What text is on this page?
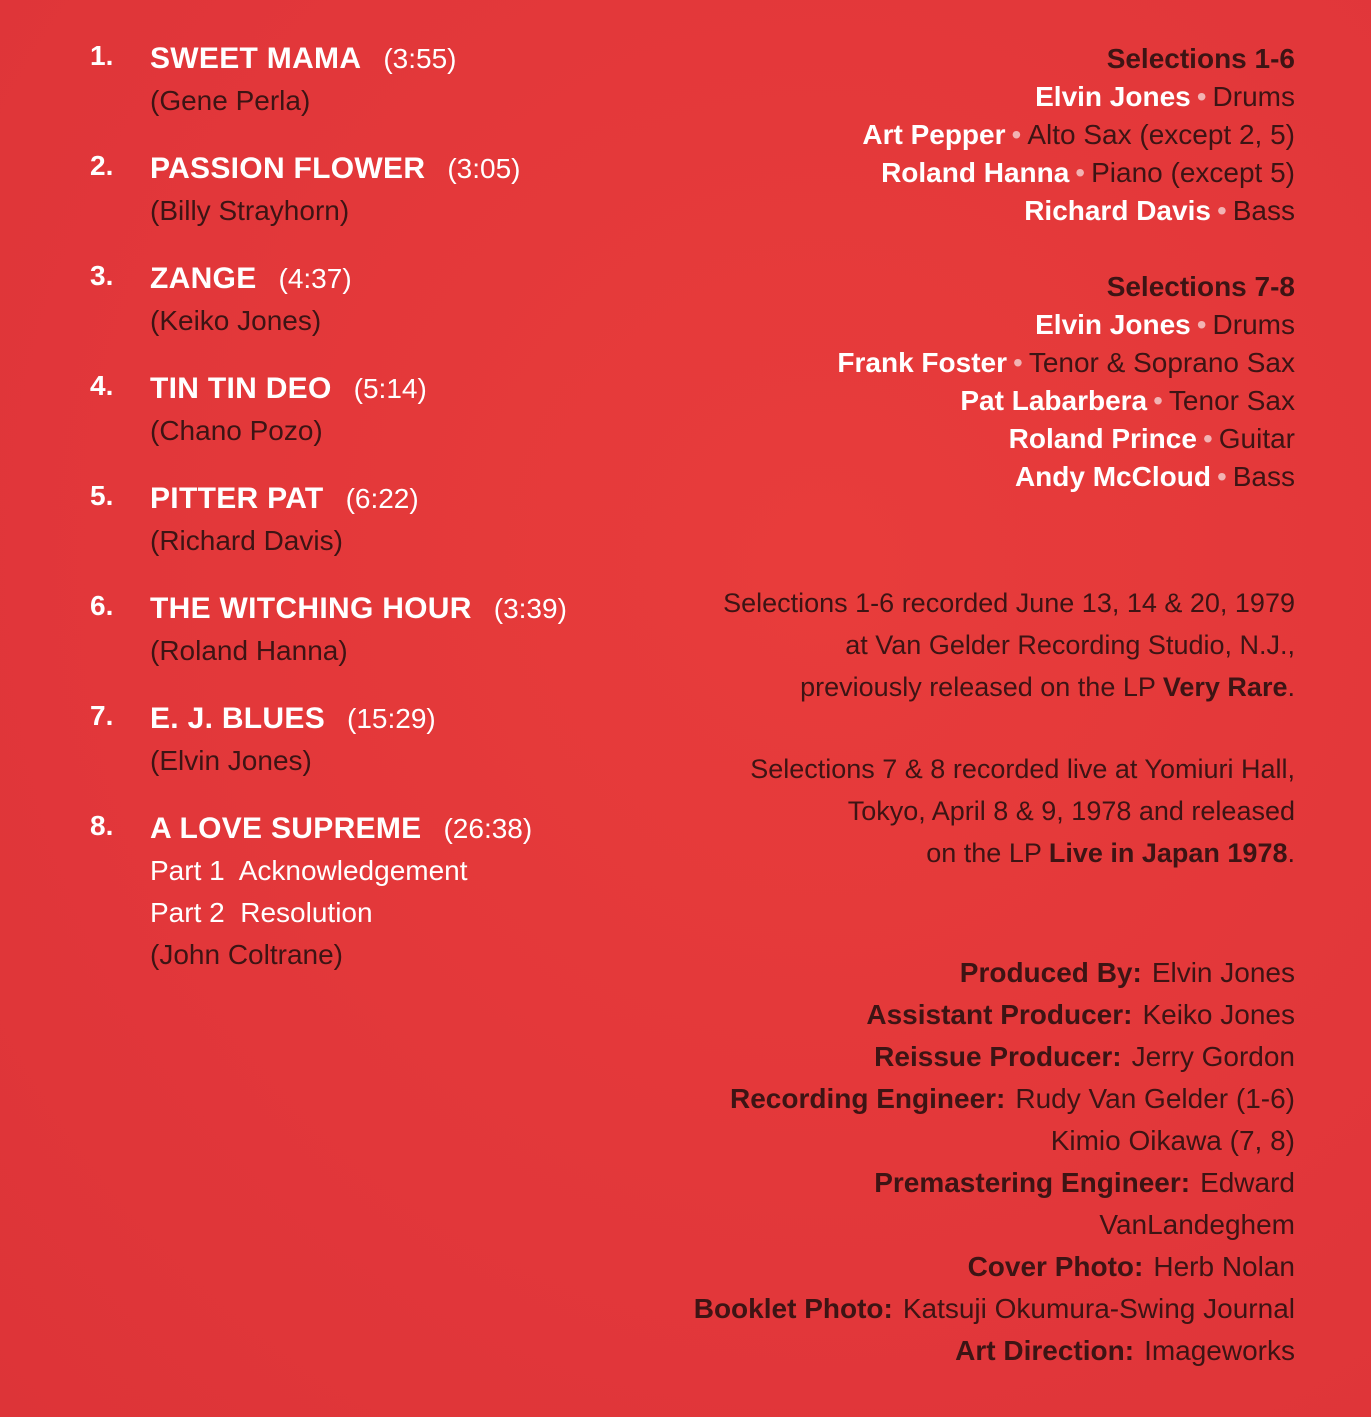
1. SWEET MAMA (3:55)
(Gene Perla)
2. PASSION FLOWER (3:05)
(Billy Strayhorn)
3. ZANGE (4:37)
(Keiko Jones)
4. TIN TIN DEO (5:14)
(Chano Pozo)
5. PITTER PAT (6:22)
(Richard Davis)
6. THE WITCHING HOUR (3:39)
(Roland Hanna)
7. E. J. BLUES (15:29)
(Elvin Jones)
8. A LOVE SUPREME (26:38)
Part 1  Acknowledgement
Part 2  Resolution
(John Coltrane)
Selections 1-6
Elvin Jones • Drums
Art Pepper • Alto Sax (except 2, 5)
Roland Hanna • Piano (except 5)
Richard Davis • Bass
Selections 7-8
Elvin Jones • Drums
Frank Foster • Tenor & Soprano Sax
Pat Labarbera • Tenor Sax
Roland Prince • Guitar
Andy McCloud • Bass
Selections 1-6 recorded June 13, 14 & 20, 1979
at Van Gelder Recording Studio, N.J.,
previously released on the LP Very Rare.
Selections 7 & 8 recorded live at Yomiuri Hall,
Tokyo, April 8 & 9, 1978 and released
on the LP Live in Japan 1978.
Produced By: Elvin Jones
Assistant Producer: Keiko Jones
Reissue Producer: Jerry Gordon
Recording Engineer: Rudy Van Gelder (1-6)
Kimio Oikawa (7, 8)
Premastering Engineer: Edward
VanLandeghem
Cover Photo: Herb Nolan
Booklet Photo: Katsuji Okumura-Swing Journal
Art Direction: Imageworks
